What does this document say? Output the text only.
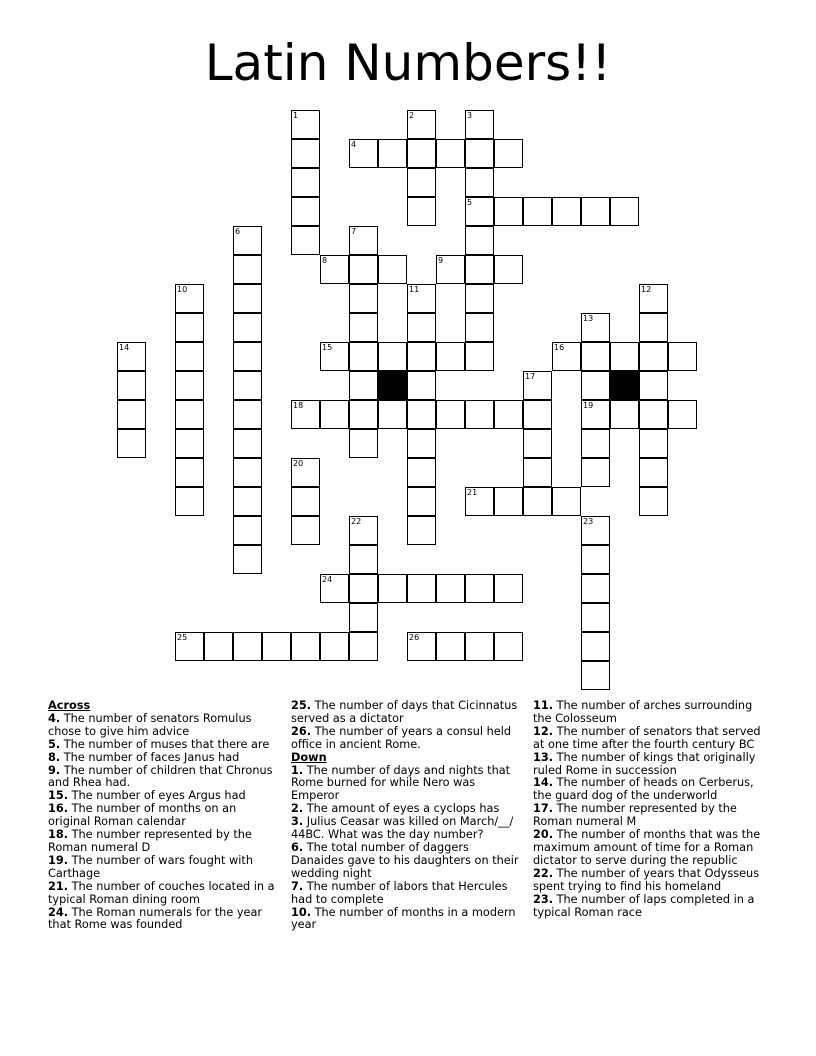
Latin Numbers!!
1	2	3
5
4
6	7
8	9
10	11	12
13
19
14	15	16
17
18
20
21
22	23
24
25	26

Across

4. The number of senators Romulus chose to give him advice

5. The number of muses that there are

8. The number of faces Janus had

9. The number of children that Chronus and Rhea had.

15. The number of eyes Argus had

16. The number of months on an original Roman calendar

18. The number represented by the Roman numeral D

19. The number of wars fought with Carthage

21. The number of couches located in a typical Roman dining room

24. The Roman numerals for the year that Rome was founded

25. The number of days that Cicinnatus served as a dictator

26. The number of years a consul held office in ancient Rome.

Down

1. The number of days and nights that Rome burned for while Nero was Emperor

2. The amount of eyes a cyclops has

3. Julius Ceasar was killed on March/__/ 44BC. What was the day number?

6. The total number of daggers Danaides gave to his daughters on their wedding night

7. The number of labors that Hercules had to complete

10. The number of months in a modern year

11. The number of arches surrounding the Colosseum

12. The number of senators that served at one time after the fourth century BC

13. The number of kings that originally ruled Rome in succession

14. The number of heads on Cerberus, the guard dog of the underworld

17. The number represented by the Roman numeral M

20. The number of months that was the maximum amount of time for a Roman dictator to serve during the republic

22. The number of years that Odysseus spent trying to find his homeland

23. The number of laps completed in a typical Roman race
